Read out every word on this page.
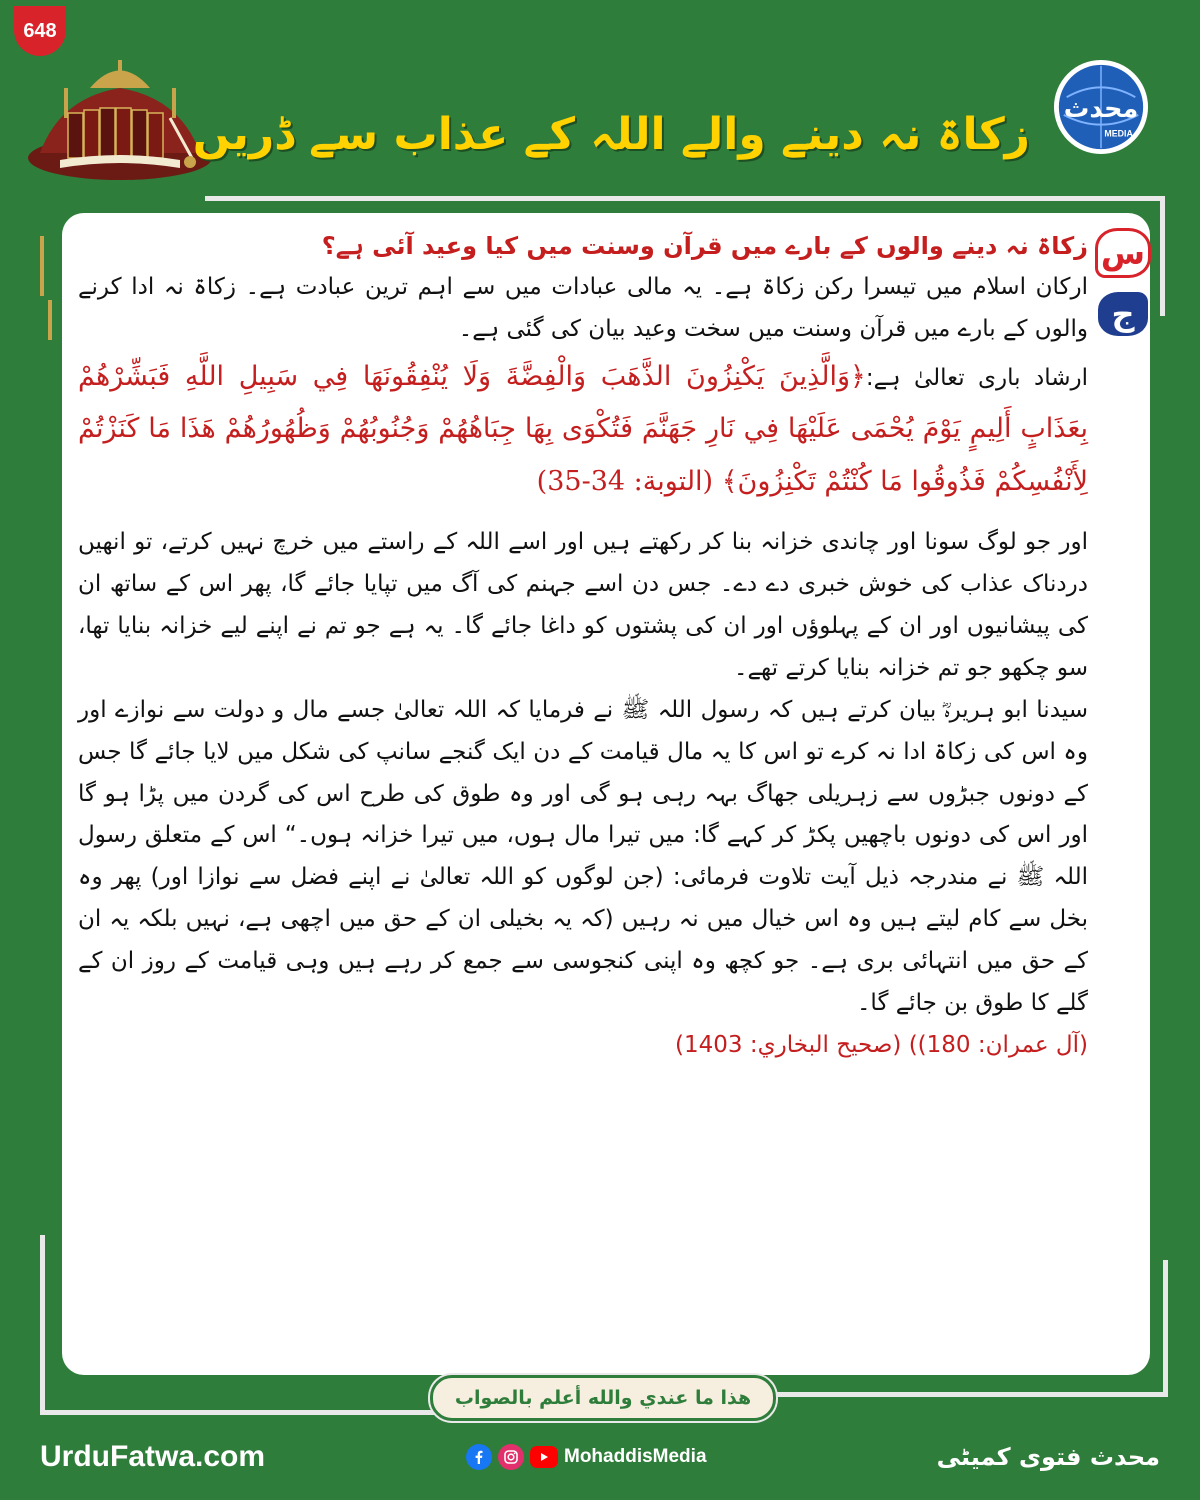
648
محدث
MEDIA
زکاۃ نہ دینے والے اللہ کے عذاب سے ڈریں
س
ج

زکاۃ نہ دینے والوں کے بارے میں قرآن وسنت میں کیا وعید آئی ہے؟

ارکان اسلام میں تیسرا رکن زکاۃ ہے۔ یہ مالی عبادات میں سے اہم ترین عبادت ہے۔ زکاۃ نہ ادا کرنے والوں کے بارے میں قرآن وسنت میں سخت وعید بیان کی گئی ہے۔

ارشاد باری تعالیٰ ہے:﴿وَالَّذِينَ يَكْنِزُونَ الذَّهَبَ وَالْفِضَّةَ وَلَا يُنْفِقُونَهَا فِي سَبِيلِ اللَّهِ فَبَشِّرْهُمْ بِعَذَابٍ أَلِيمٍ يَوْمَ يُحْمَى عَلَيْهَا فِي نَارِ جَهَنَّمَ فَتُكْوَى بِهَا جِبَاهُهُمْ وَجُنُوبُهُمْ وَظُهُورُهُمْ هَذَا مَا كَنَزْتُمْ لِأَنْفُسِكُمْ فَذُوقُوا مَا كُنْتُمْ تَكْنِزُونَ﴾ (التوبة: 34-35)

اور جو لوگ سونا اور چاندی خزانہ بنا کر رکھتے ہیں اور اسے اللہ کے راستے میں خرچ نہیں کرتے، تو انھیں دردناک عذاب کی خوش خبری دے دے۔ جس دن اسے جہنم کی آگ میں تپایا جائے گا، پھر اس کے ساتھ ان کی پیشانیوں اور ان کے پہلوؤں اور ان کی پشتوں کو داغا جائے گا۔ یہ ہے جو تم نے اپنے لیے خزانہ بنایا تھا، سو چکھو جو تم خزانہ بنایا کرتے تھے۔

سیدنا ابو ہریرہؓ بیان کرتے ہیں کہ رسول اللہ ﷺ نے فرمایا کہ اللہ تعالیٰ جسے مال و دولت سے نوازے اور وہ اس کی زکاۃ ادا نہ کرے تو اس کا یہ مال قیامت کے دن ایک گنجے سانپ کی شکل میں لایا جائے گا جس کے دونوں جبڑوں سے زہریلی جھاگ بہہ رہی ہو گی اور وہ طوق کی طرح اس کی گردن میں پڑا ہو گا اور اس کی دونوں باچھیں پکڑ کر کہے گا: میں تیرا مال ہوں، میں تیرا خزانہ ہوں۔“ اس کے متعلق رسول اللہ ﷺ نے مندرجہ ذیل آیت تلاوت فرمائی: (جن لوگوں کو اللہ تعالیٰ نے اپنے فضل سے نوازا اور) پھر وہ بخل سے کام لیتے ہیں وہ اس خیال میں نہ رہیں (کہ یہ بخیلی ان کے حق میں اچھی ہے، نہیں بلکہ یہ ان کے حق میں انتہائی بری ہے۔ جو کچھ وہ اپنی کنجوسی سے جمع کر رہے ہیں وہی قیامت کے روز ان کے گلے کا طوق بن جائے گا۔

(آل عمران: 180)) (صحيح البخاري: 1403)

هذا ما عندي والله أعلم بالصواب
UrduFatwa.com	MohaddisMedia	محدث فتوی کمیٹی
